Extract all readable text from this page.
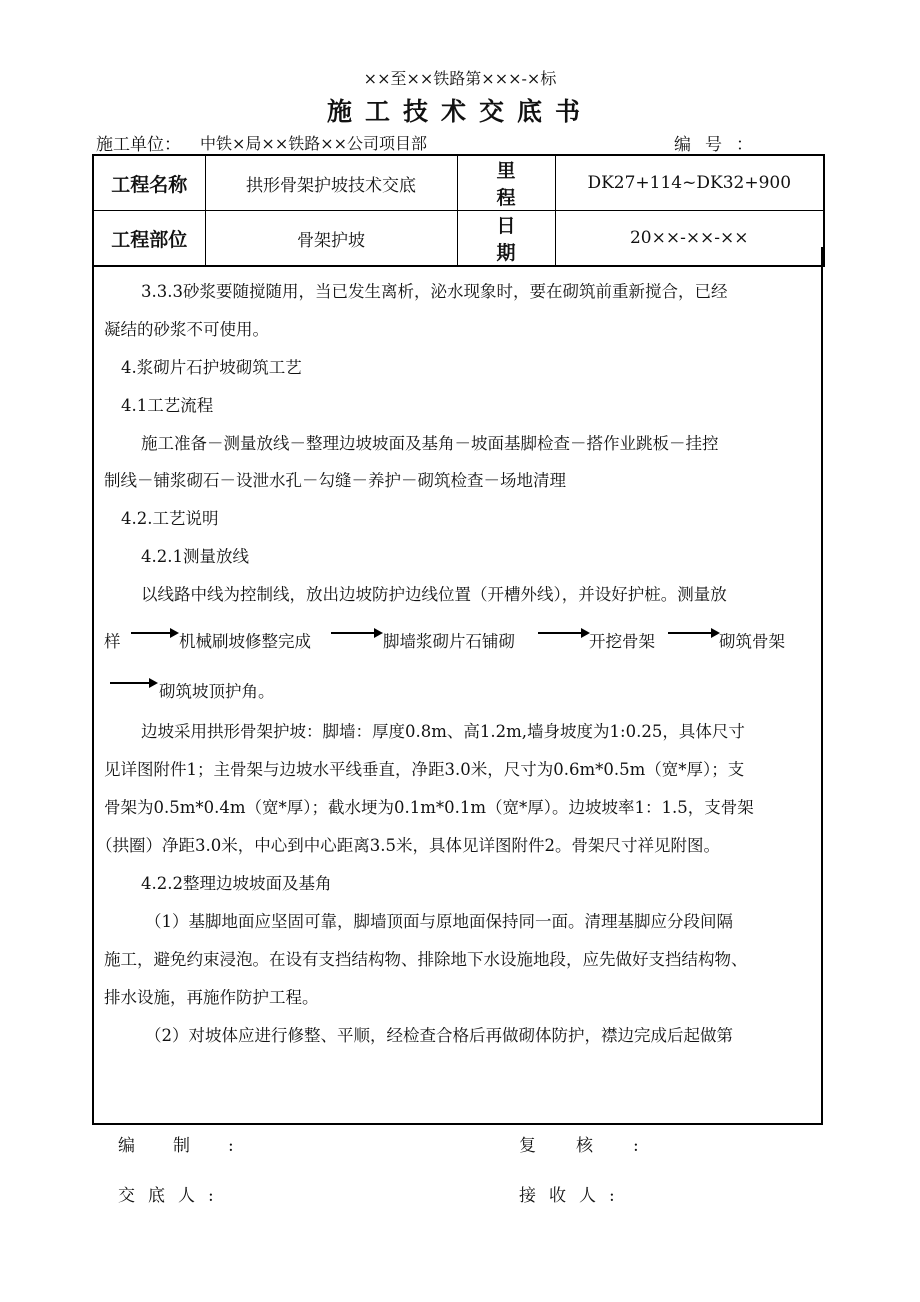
××至××铁路第×××-×标
施工技术交底书
施工单位： 中铁×局××铁路××公司项目部	编号：
工程名称	拱形骨架护坡技术交底	里程	DK27+114~DK32+900
工程部位	骨架护坡	日期	20××-××-××
3.3.3砂浆要随搅随用，当已发生离析，泌水现象时，要在砌筑前重新搅合，已经
凝结的砂浆不可使用。
4.浆砌片石护坡砌筑工艺
4.1工艺流程
施工准备－测量放线－整理边坡坡面及基角－坡面基脚检查－搭作业跳板－挂控
制线－铺浆砌石－设泄水孔－勾缝－养护－砌筑检查－场地清理
4.2.工艺说明
4.2.1测量放线
以线路中线为控制线，放出边坡防护边线位置（开槽外线），并设好护桩。测量放
样	机械刷坡修整完成	脚墙浆砌片石铺砌	开挖骨架	砌筑骨架
砌筑坡顶护角。
边坡采用拱形骨架护坡：脚墙：厚度0.8m、高1.2m,墙身坡度为1:0.25，具体尺寸
见详图附件1；主骨架与边坡水平线垂直，净距3.0米，尺寸为0.6m*0.5m（宽*厚）；支
骨架为0.5m*0.4m（宽*厚）；截水埂为0.1m*0.1m（宽*厚）。边坡坡率1：1.5，支骨架
（拱圈）净距3.0米，中心到中心距离3.5米，具体见详图附件2。骨架尺寸祥见附图。
4.2.2整理边坡坡面及基角
（1）基脚地面应坚固可靠，脚墙顶面与原地面保持同一面。清理基脚应分段间隔
施工，避免约束浸泡。在设有支挡结构物、排除地下水设施地段，应先做好支挡结构物、
排水设施，再施作防护工程。
（2）对坡体应进行修整、平顺，经检查合格后再做砌体防护，襟边完成后起做第
编制:	复核:
交底人:	接收人:
